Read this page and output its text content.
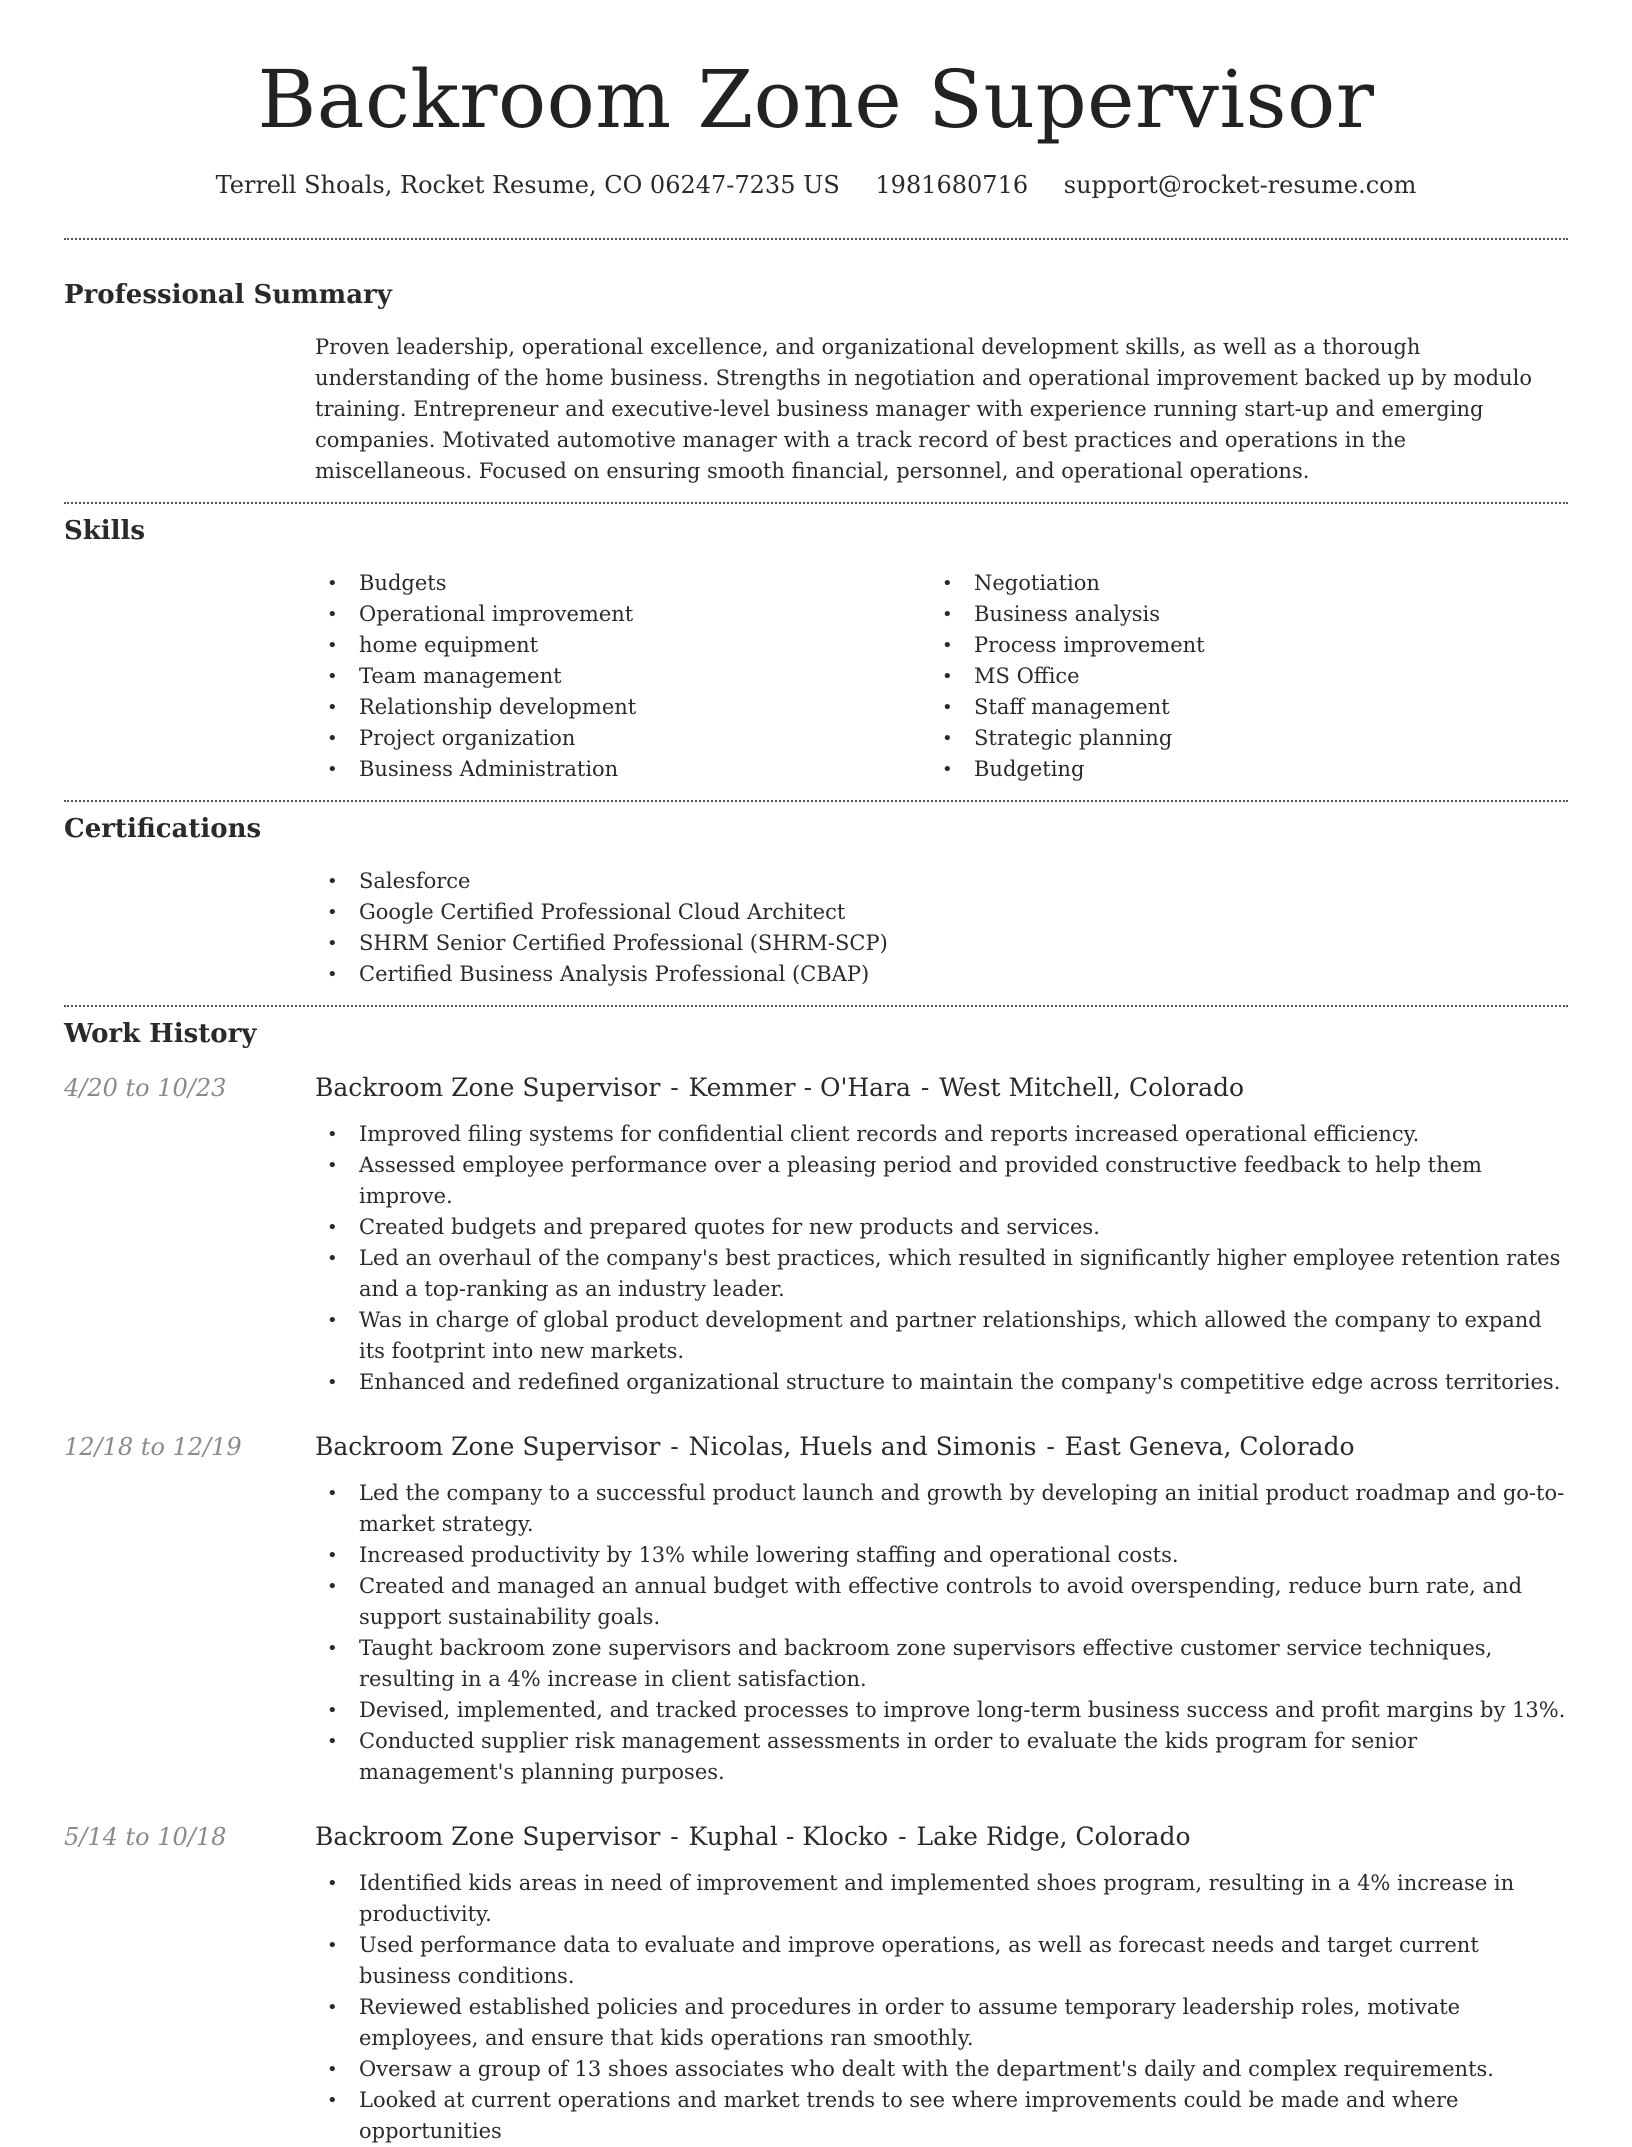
Backroom Zone Supervisor
Terrell Shoals, Rocket Resume, CO 06247-7235 US 1981680716 support@rocket-resume.com
Professional Summary

Proven leadership, operational excellence, and organizational development skills, as well as a thorough understanding of the home business. Strengths in negotiation and operational improvement backed up by modulo training. Entrepreneur and executive-level business manager with experience running start-up and emerging companies. Motivated automotive manager with a track record of best practices and operations in the miscellaneous. Focused on ensuring smooth financial, personnel, and operational operations.

Skills
• Budgets
• Operational improvement
• home equipment
• Team management
• Relationship development
• Project organization
• Business Administration
• Negotiation
• Business analysis
• Process improvement
• MS Office
• Staff management
• Strategic planning
• Budgeting
Certifications
• Salesforce
• Google Certified Professional Cloud Architect
• SHRM Senior Certified Professional (SHRM-SCP)
• Certified Business Analysis Professional (CBAP)
Work History
4/20 to 10/23	Backroom Zone Supervisor - Kemmer - O'Hara - West Mitchell, Colorado
• Improved filing systems for confidential client records and reports increased operational efficiency.
• Assessed employee performance over a pleasing period and provided constructive feedback to help them improve.
• Created budgets and prepared quotes for new products and services.
• Led an overhaul of the company's best practices, which resulted in significantly higher employee retention rates and a top-ranking as an industry leader.
• Was in charge of global product development and partner relationships, which allowed the company to expand its footprint into new markets.
• Enhanced and redefined organizational structure to maintain the company's competitive edge across territories.
12/18 to 12/19	Backroom Zone Supervisor - Nicolas, Huels and Simonis - East Geneva, Colorado
• Led the company to a successful product launch and growth by developing an initial product roadmap and go-to-market strategy.
• Increased productivity by 13% while lowering staffing and operational costs.
• Created and managed an annual budget with effective controls to avoid overspending, reduce burn rate, and support sustainability goals.
• Taught backroom zone supervisors and backroom zone supervisors effective customer service techniques, resulting in a 4% increase in client satisfaction.
• Devised, implemented, and tracked processes to improve long-term business success and profit margins by 13%.
• Conducted supplier risk management assessments in order to evaluate the kids program for senior management's planning purposes.
5/14 to 10/18	Backroom Zone Supervisor - Kuphal - Klocko - Lake Ridge, Colorado
• Identified kids areas in need of improvement and implemented shoes program, resulting in a 4% increase in productivity.
• Used performance data to evaluate and improve operations, as well as forecast needs and target current business conditions.
• Reviewed established policies and procedures in order to assume temporary leadership roles, motivate employees, and ensure that kids operations ran smoothly.
• Oversaw a group of 13 shoes associates who dealt with the department's daily and complex requirements.
• Looked at current operations and market trends to see where improvements could be made and where opportunities
